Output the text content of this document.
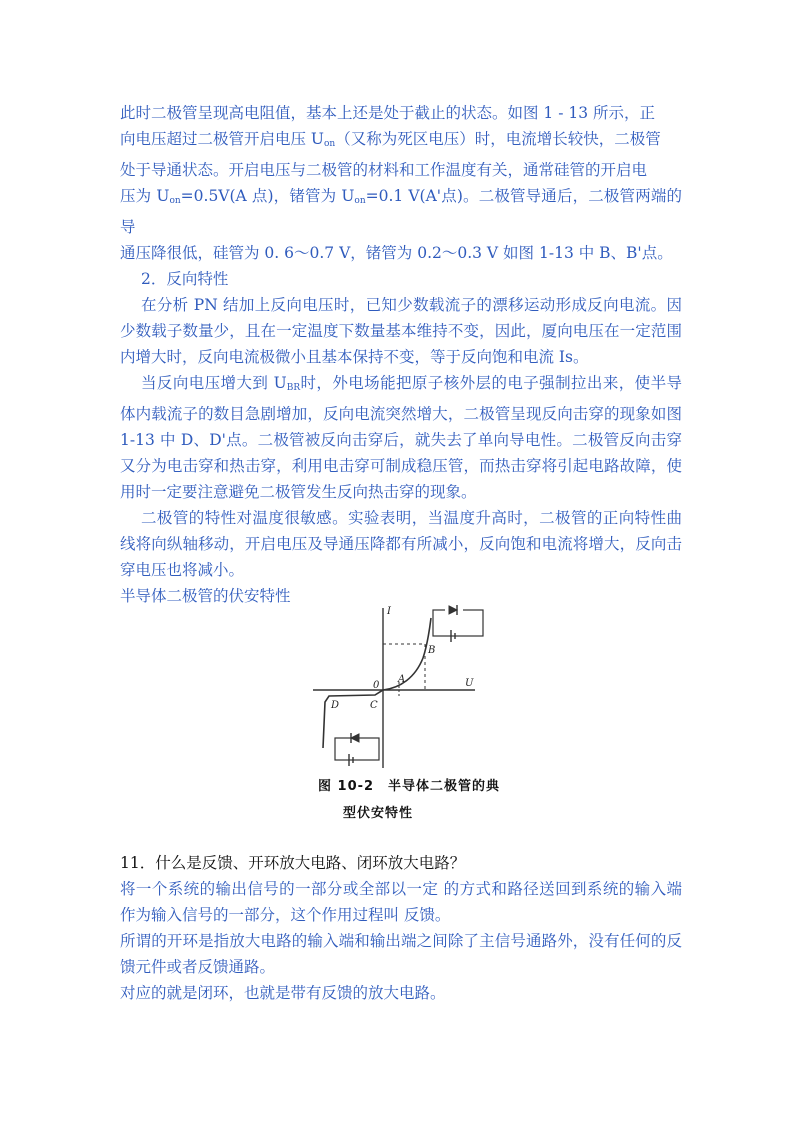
此时二极管呈现高电阻值，基本上还是处于截止的状态。如图 1 - 13 所示，正
向电压超过二极管开启电压 $U_{on}$（又称为死区电压）时，电流增长较快，二极管
处于导通状态。开启电压与二极管的材料和工作温度有关，通常硅管的开启电
压为 $U_{on}=0.5V(A$ 点)，锗管为 $U_{on}=0.1$ V(A'点)。二极管导通后，二极管两端的导
通压降很低，硅管为 0. 6～0.7 V，锗管为 0.2～0.3 V 如图 1-13 中 B、B'点。

2．反向特性

在分析 PN 结加上反向电压时，已知少数载流子的漂移运动形成反向电流。因少数载子数量少，且在一定温度下数量基本维持不变，因此，厦向电压在一定范围内增大时，反向电流极微小且基本保持不变，等于反向饱和电流 Is。

当反向电压增大到 $U_{BR}$时，外电场能把原子核外层的电子强制拉出来，使半导体内载流子的数目急剧增加，反向电流突然增大，二极管呈现反向击穿的现象如图 1-13 中 D、D'点。二极管被反向击穿后，就失去了单向导电性。二极管反向击穿又分为电击穿和热击穿，利用电击穿可制成稳压管，而热击穿将引起电路故障，使用时一定要注意避免二极管发生反向热击穿的现象。

二极管的特性对温度很敏感。实验表明，当温度升高时，二极管的正向特性曲线将向纵轴移动，开启电压及导通压降都有所减小，反向饱和电流将增大，反向击穿电压也将减小。

半导体二极管的伏安特性

I
U
A
B
C
D
0
图 10-2　半导体二极管的典
型伏安特性
11．什么是反馈、开环放大电路、闭环放大电路？

将一个系统的输出信号的一部分或全部以一定 的方式和路径送回到系统的输入端作为输入信号的一部分，这个作用过程叫 反馈。

所谓的开环是指放大电路的输入端和输出端之间除了主信号通路外，没有任何的反馈元件或者反馈通路。

对应的就是闭环，也就是带有反馈的放大电路。
